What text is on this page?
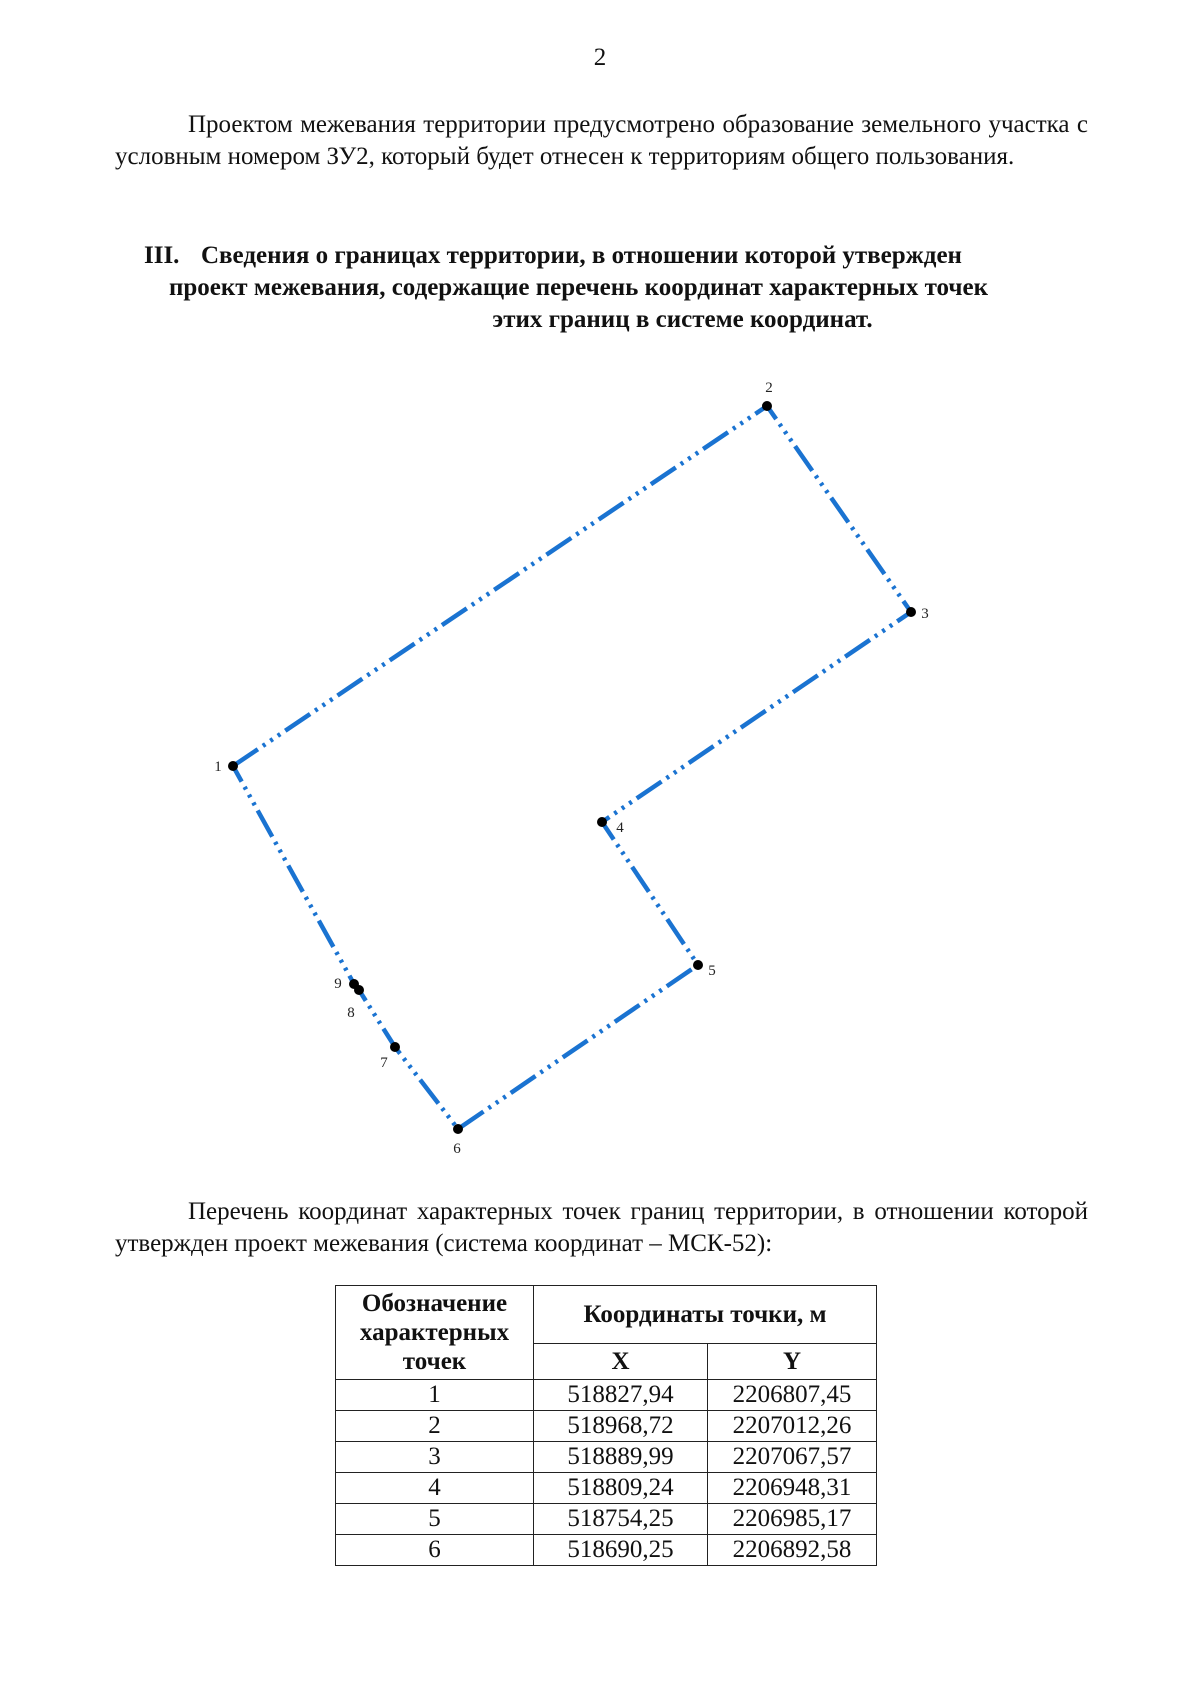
2

Проектом межевания территории предусмотрено образование земельного участка с условным номером ЗУ2, который будет отнесен к территориям общего пользования.

III. Сведения о границах территории, в отношении которой утвержден
проект межевания, содержащие перечень координат характерных точек
этих границ в системе координат.
1
2
3
4
5
6
7
8
9

Перечень координат характерных точек границ территории, в отношении которой утвержден проект межевания (система координат – МСК-52):

Обозначение характерных точек	Координаты точки, м	
	X	Y
1	518827,94	2206807,45
2	518968,72	2207012,26
3	518889,99	2207067,57
4	518809,24	2206948,31
5	518754,25	2206985,17
6	518690,25	2206892,58
